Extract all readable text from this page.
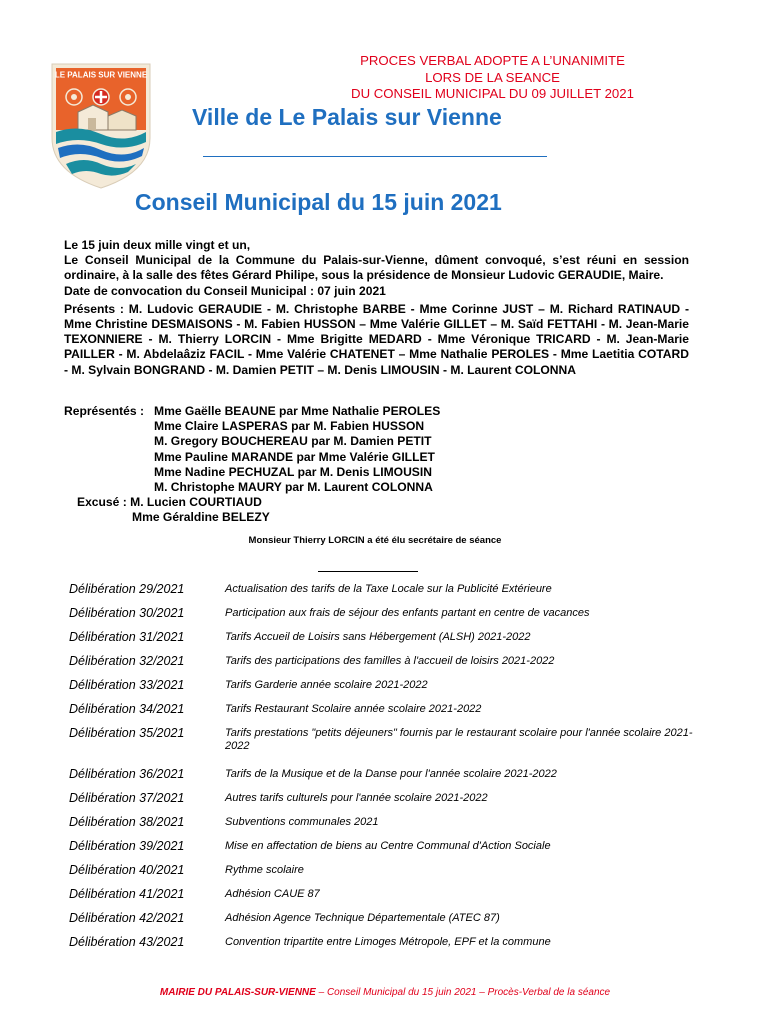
LE PALAIS SUR VIENNE
PROCES VERBAL ADOPTE A L’UNANIMITE
LORS DE LA SEANCE
DU CONSEIL MUNICIPAL DU 09 JUILLET 2021
Ville de Le Palais sur Vienne
Conseil Municipal du 15 juin 2021

Le 15 juin deux mille vingt et un,

Le Conseil Municipal de la Commune du Palais-sur-Vienne, dûment convoqué, s’est réuni en session ordinaire, à la salle des fêtes Gérard Philipe, sous la présidence de Monsieur Ludovic GERAUDIE, Maire.

Date de convocation du Conseil Municipal : 07 juin 2021

Présents : M. Ludovic GERAUDIE - M. Christophe BARBE - Mme Corinne JUST – M. Richard RATINAUD - Mme Christine DESMAISONS - M. Fabien HUSSON – Mme Valérie GILLET – M. Saïd FETTAHI - M. Jean-Marie TEXONNIERE - M. Thierry LORCIN - Mme Brigitte MEDARD - Mme Véronique TRICARD - M. Jean-Marie PAILLER - M. Abdelaâziz FACIL - Mme Valérie CHATENET – Mme Nathalie PEROLES - Mme Laetitia COTARD - M. Sylvain BONGRAND - M. Damien PETIT – M. Denis LIMOUSIN - M. Laurent COLONNA

Représentés : Mme Gaëlle BEAUNE par Mme Nathalie PEROLES
Mme Claire LASPERAS par M. Fabien HUSSON
M. Gregory BOUCHEREAU par M. Damien PETIT
Mme Pauline MARANDE par Mme Valérie GILLET
Mme Nadine PECHUZAL par M. Denis LIMOUSIN
M. Christophe MAURY par M. Laurent COLONNA
Excusé : M. Lucien COURTIAUD
Mme Géraldine BELEZY
Monsieur Thierry LORCIN a été élu secrétaire de séance
Délibération 29/2021	Actualisation des tarifs de la Taxe Locale sur la Publicité Extérieure
Délibération 30/2021	Participation aux frais de séjour des enfants partant en centre de vacances
Délibération 31/2021	Tarifs Accueil de Loisirs sans Hébergement (ALSH) 2021-2022
Délibération 32/2021	Tarifs des participations des familles à l'accueil de loisirs 2021-2022
Délibération 33/2021	Tarifs Garderie année scolaire 2021-2022
Délibération 34/2021	Tarifs Restaurant Scolaire année scolaire 2021-2022
Délibération 35/2021	Tarifs prestations "petits déjeuners" fournis par le restaurant scolaire pour l'année scolaire 2021-2022
Délibération 36/2021	Tarifs de la Musique et de la Danse pour l'année scolaire 2021-2022
Délibération 37/2021	Autres tarifs culturels pour l'année scolaire 2021-2022
Délibération 38/2021	Subventions communales 2021
Délibération 39/2021	Mise en affectation de biens au Centre Communal d'Action Sociale
Délibération 40/2021	Rythme scolaire
Délibération 41/2021	Adhésion CAUE 87
Délibération 42/2021	Adhésion Agence Technique Départementale (ATEC 87)
Délibération 43/2021	Convention tripartite entre Limoges Métropole, EPF et la commune
MAIRIE DU PALAIS-SUR-VIENNE – Conseil Municipal du 15 juin 2021 – Procès-Verbal de la séance
